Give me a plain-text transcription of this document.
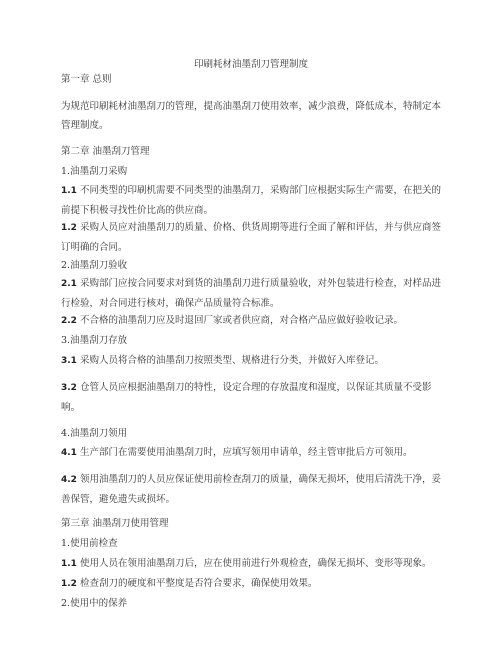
印刷耗材油墨刮刀管理制度
第一章 总则
为规范印刷耗材油墨刮刀的管理，提高油墨刮刀使用效率，减少浪费，降低成本，特制定本管理制度。
第二章 油墨刮刀管理
1.油墨刮刀采购
1.1 不同类型的印刷机需要不同类型的油墨刮刀，采购部门应根据实际生产需要，在把关的前提下积极寻找性价比高的供应商。
1.2 采购人员应对油墨刮刀的质量、价格、供货周期等进行全面了解和评估，并与供应商签订明确的合同。
2.油墨刮刀验收
2.1 采购部门应按合同要求对到货的油墨刮刀进行质量验收，对外包装进行检查，对样品进行检验，对合同进行核对，确保产品质量符合标准。
2.2 不合格的油墨刮刀应及时退回厂家或者供应商，对合格产品应做好验收记录。
3.油墨刮刀存放
3.1 采购人员将合格的油墨刮刀按照类型、规格进行分类，并做好入库登记。
3.2 仓管人员应根据油墨刮刀的特性，设定合理的存放温度和湿度，以保证其质量不受影响。
4.油墨刮刀领用
4.1 生产部门在需要使用油墨刮刀时，应填写领用申请单，经主管审批后方可领用。
4.2 领用油墨刮刀的人员应保证使用前检查刮刀的质量，确保无损坏，使用后清洗干净，妥善保管，避免遗失或损坏。
第三章 油墨刮刀使用管理
1.使用前检查
1.1 使用人员在领用油墨刮刀后，应在使用前进行外观检查，确保无损坏、变形等现象。
1.2 检查刮刀的硬度和平整度是否符合要求，确保使用效果。
2.使用中的保养
